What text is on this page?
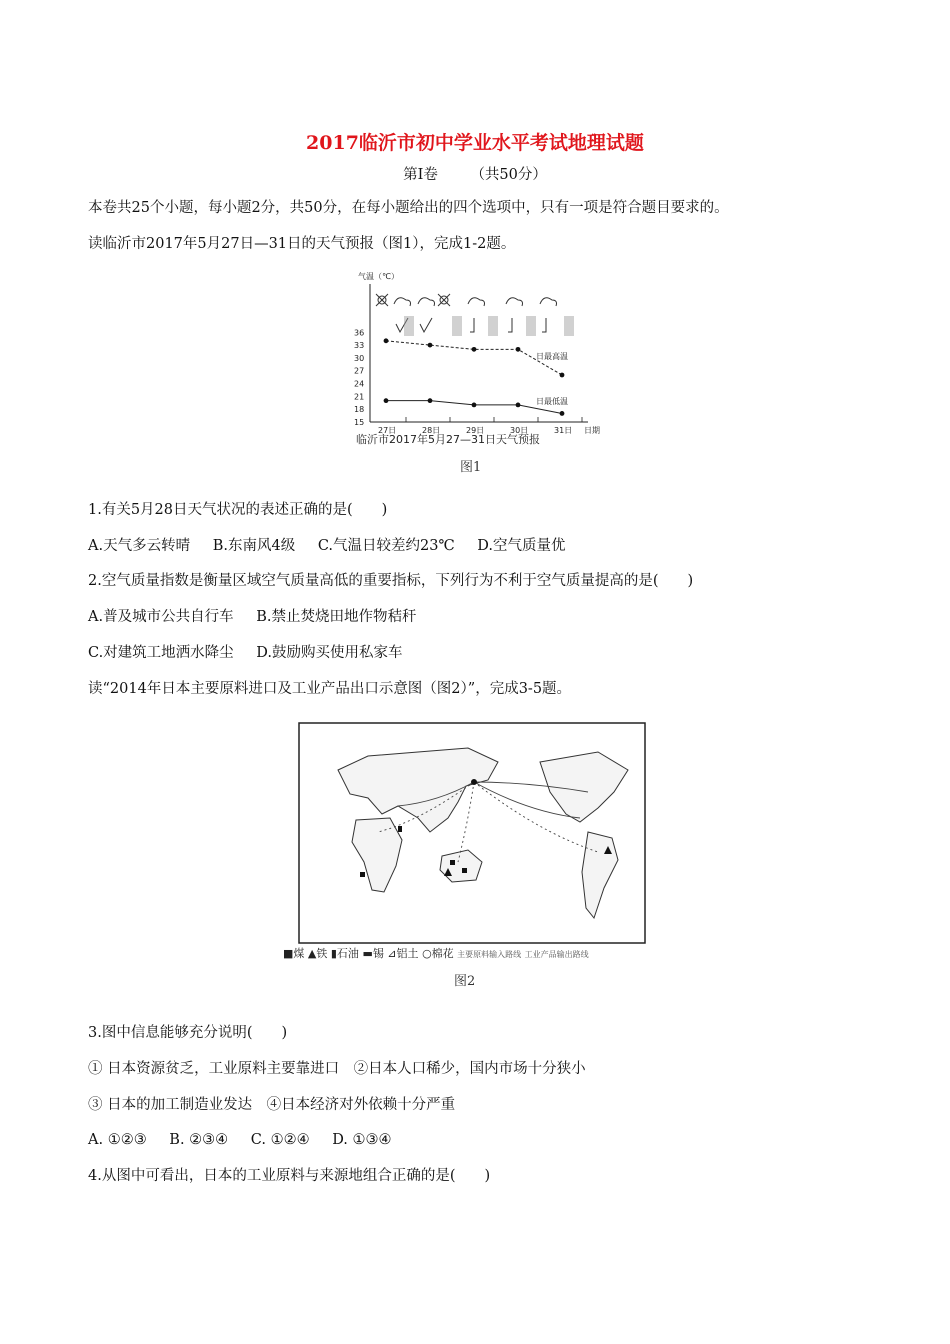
2017临沂市初中学业水平考试地理试题
第Ⅰ卷 （共50分）
本卷共25个小题，每小题2分，共50分，在每小题给出的四个选项中，只有一项是符合题目要求的。
读临沂市2017年5月27日—31日的天气预报（图1），完成1-2题。
气温（℃）
36
33
30
27
24
21
18
15
27日	28日	29日	30日	31日 日期
日最高温
日最低温
临沂市2017年5月27—31日天气预报
图1
1.有关5月28日天气状况的表述正确的是(　　)
A.天气多云转晴 B.东南风4级 C.气温日较差约23℃ D.空气质量优
2.空气质量指数是衡量区域空气质量高低的重要指标，下列行为不利于空气质量提高的是(　　)
A.普及城市公共自行车 B.禁止焚烧田地作物秸秆
C.对建筑工地洒水降尘 D.鼓励购买使用私家车
读“2014年日本主要原料进口及工业产品出口示意图（图2）”，完成3-5题。
■煤 ▲铁 ▮石油 ▬锡 ⊿铝土 ○棉花 主要原料输入路线 工业产品输出路线
图2
3.图中信息能够充分说明(　　)
① 日本资源贫乏，工业原料主要靠进口　②日本人口稀少，国内市场十分狭小
③ 日本的加工制造业发达　④日本经济对外依赖十分严重
A. ①②③ B. ②③④ C. ①②④ D. ①③④
4.从图中可看出，日本的工业原料与来源地组合正确的是(　　)
